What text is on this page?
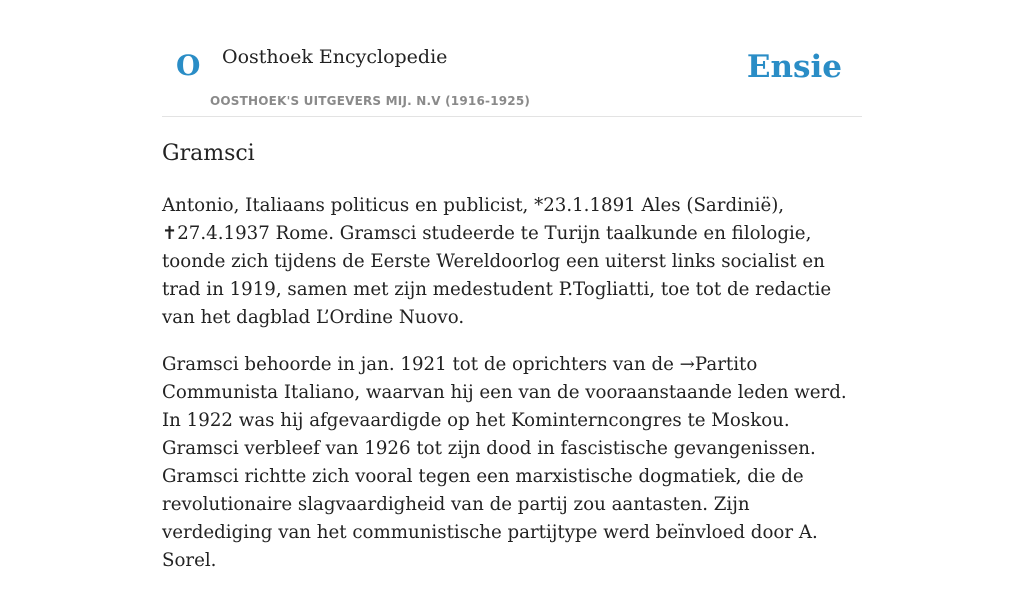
O Oosthoek Encyclopedie
OOSTHOEK'S UITGEVERS MIJ. N.V (1916-1925)
Ensie
Gramsci

Antonio, Italiaans politicus en publicist, *23.1.1891 Ales (Sardinië), ✝27.4.1937 Rome. Gramsci studeerde te Turijn taalkunde en filologie, toonde zich tijdens de Eerste Wereldoorlog een uiterst links socialist en trad in 1919, samen met zijn medestudent P.Togliatti, toe tot de redactie van het dagblad L’Ordine Nuovo.

Gramsci behoorde in jan. 1921 tot de oprichters van de →Partito Communista Italiano, waarvan hij een van de vooraanstaande leden werd. In 1922 was hij afgevaardigde op het Kominterncongres te Moskou. Gramsci verbleef van 1926 tot zijn dood in fascistische gevangenissen. Gramsci richtte zich vooral tegen een marxistische dogmatiek, die de revolutionaire slagvaardigheid van de partij zou aantasten. Zijn verdediging van het communistische partijtype werd beïnvloed door A. Sorel.
